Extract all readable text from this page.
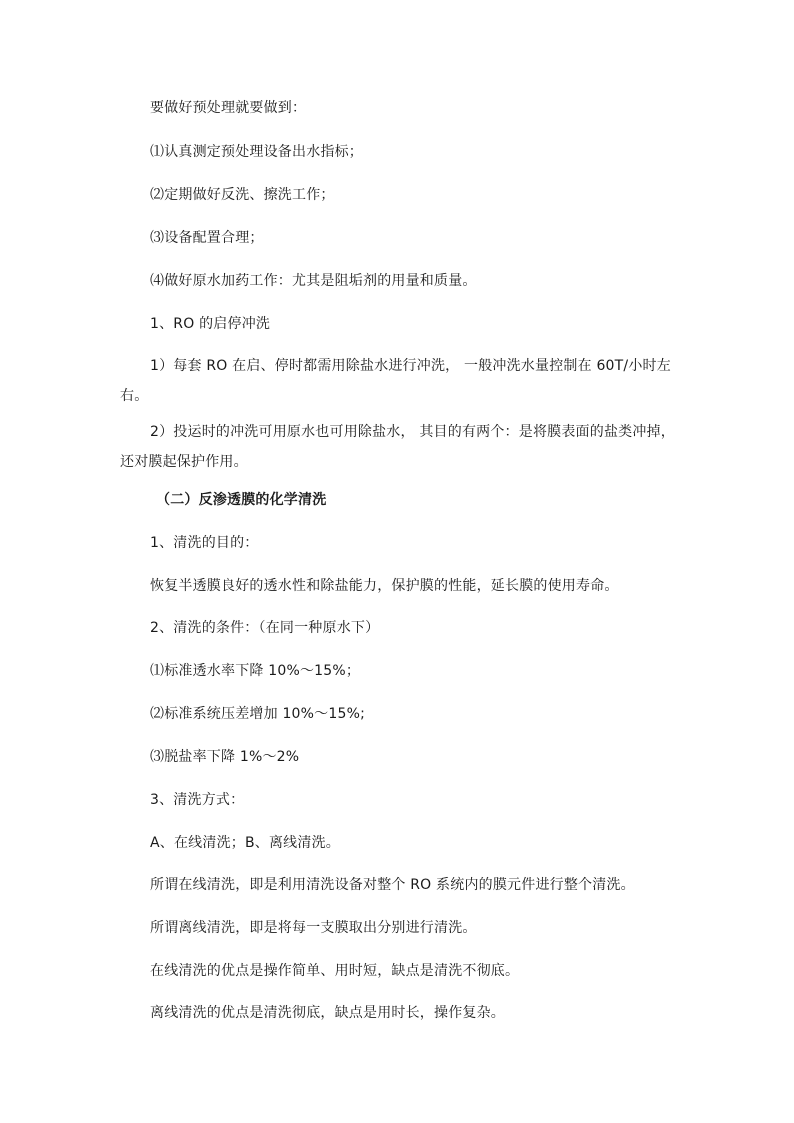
要做好预处理就要做到：
⑴认真测定预处理设备出水指标；
⑵定期做好反洗、擦洗工作；
⑶设备配置合理；
⑷做好原水加药工作：尤其是阻垢剂的用量和质量。
1、RO 的启停冲洗
1）每套 RO 在启、停时都需用除盐水进行冲洗， 一般冲洗水量控制在 60T/小时左右。
2）投运时的冲洗可用原水也可用除盐水， 其目的有两个：是将膜表面的盐类冲掉，还对膜起保护作用。
（二）反渗透膜的化学清洗
1、清洗的目的：
恢复半透膜良好的透水性和除盐能力，保护膜的性能，延长膜的使用寿命。
2、清洗的条件：（在同一种原水下）
⑴标准透水率下降 10%～15%；
⑵标准系统压差增加 10%～15%;
⑶脱盐率下降 1%～2%
3、清洗方式：
A、在线清洗；B、离线清洗。
所谓在线清洗，即是利用清洗设备对整个 RO 系统内的膜元件进行整个清洗。
所谓离线清洗，即是将每一支膜取出分别进行清洗。
在线清洗的优点是操作简单、用时短，缺点是清洗不彻底。
离线清洗的优点是清洗彻底，缺点是用时长，操作复杂。
